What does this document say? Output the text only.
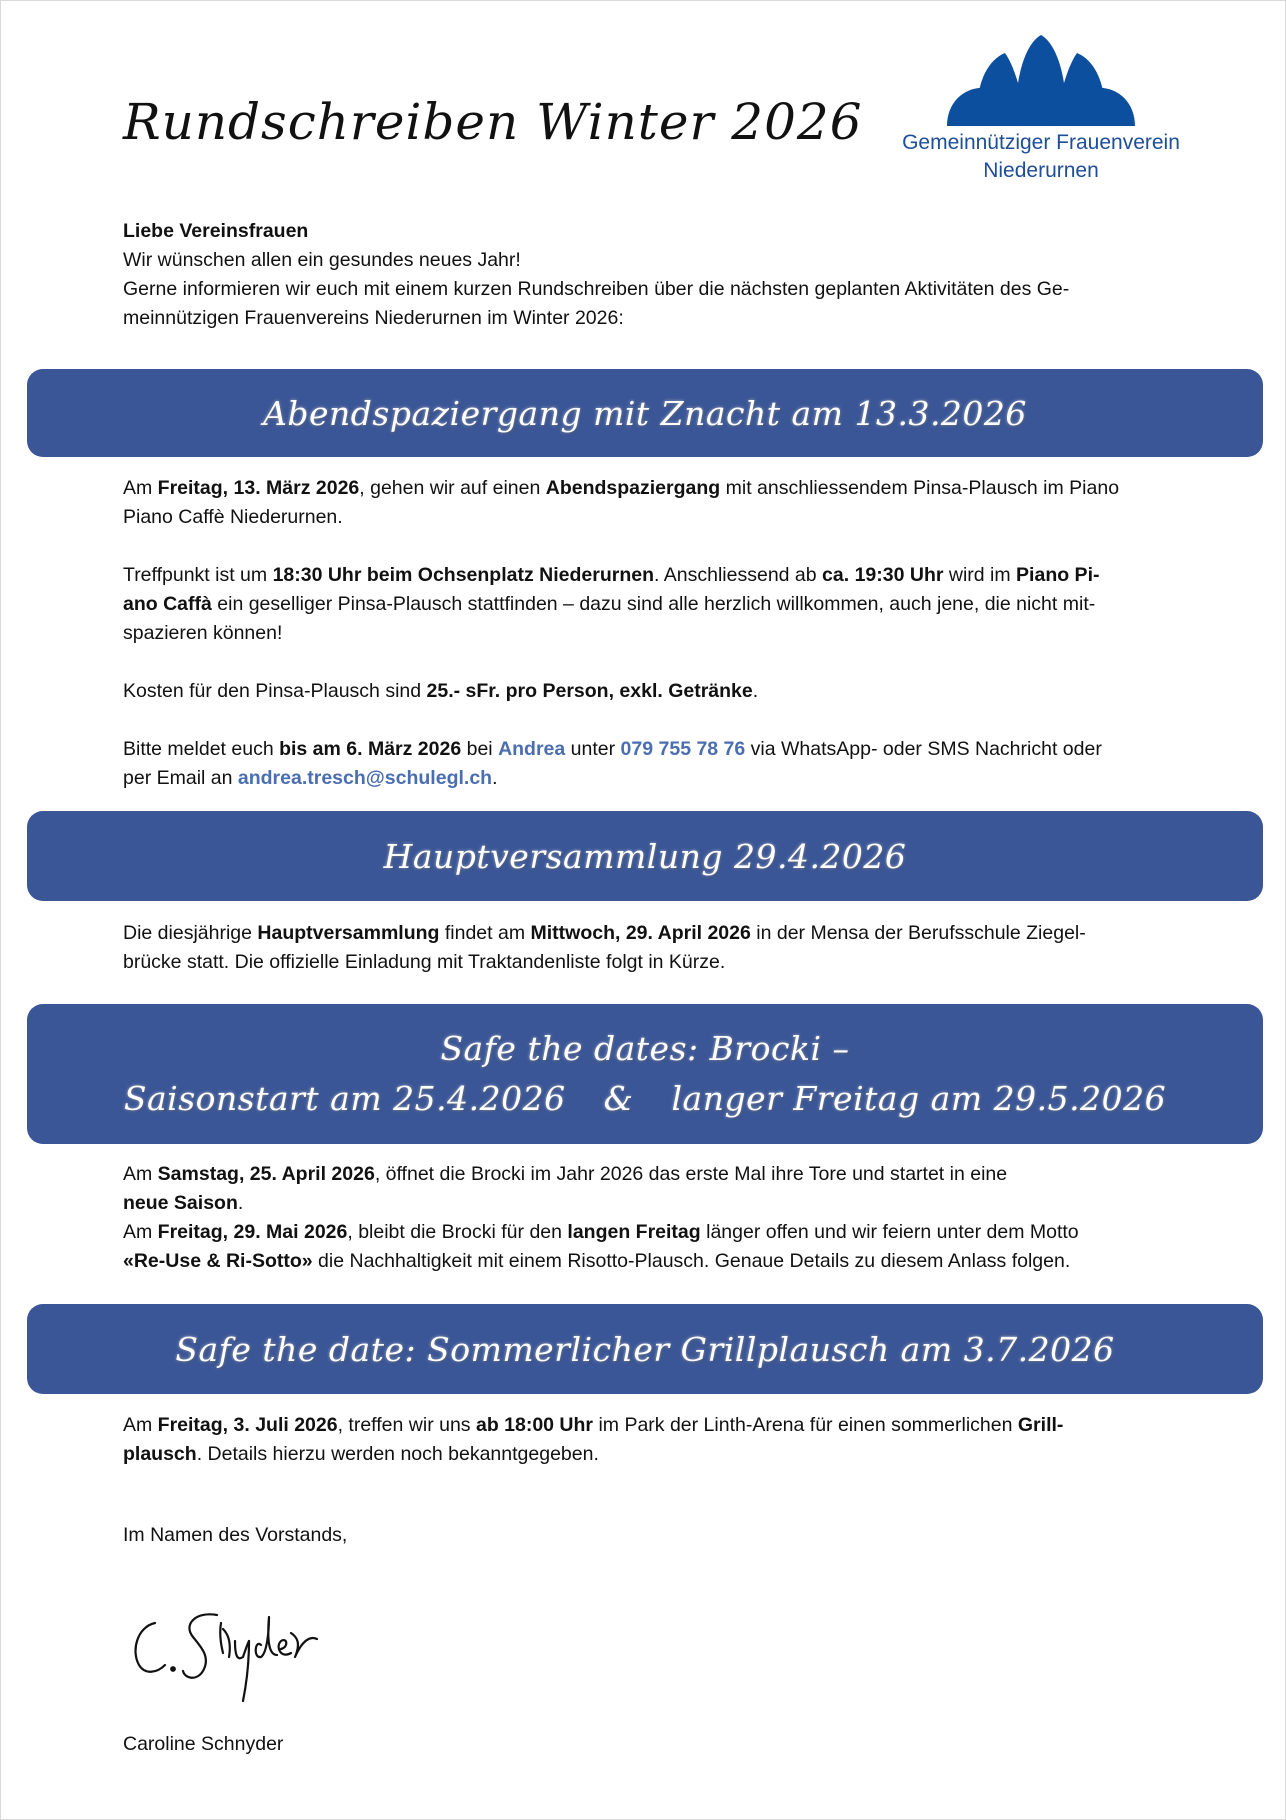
Rundschreiben Winter 2026	Gemeinnütziger Frauenverein
Niederurnen

Liebe Vereinsfrauen

Wir wünschen allen ein gesundes neues Jahr!

Gerne informieren wir euch mit einem kurzen Rundschreiben über die nächsten geplanten Aktivitäten des Ge-

meinnützigen Frauenvereins Niederurnen im Winter 2026:

Abendspaziergang mit Znacht am 13.3.2026

Am Freitag, 13. März 2026, gehen wir auf einen Abendspaziergang mit anschliessendem Pinsa-Plausch im Piano
Piano Caffè Niederurnen.

Treffpunkt ist um 18:30 Uhr beim Ochsenplatz Niederurnen. Anschliessend ab ca. 19:30 Uhr wird im Piano Pi-
ano Caffà ein geselliger Pinsa-Plausch stattfinden – dazu sind alle herzlich willkommen, auch jene, die nicht mit-
spazieren können!

Kosten für den Pinsa-Plausch sind 25.- sFr. pro Person, exkl. Getränke.

Bitte meldet euch bis am 6. März 2026 bei Andrea unter 079 755 78 76 via WhatsApp- oder SMS Nachricht oder
per Email an andrea.tresch@schulegl.ch.

Hauptversammlung 29.4.2026

Die diesjährige Hauptversammlung findet am Mittwoch, 29. April 2026 in der Mensa der Berufsschule Ziegel-
brücke statt. Die offizielle Einladung mit Traktandenliste folgt in Kürze.

Safe the dates: Brocki –
Saisonstart am 25.4.2026 & langer Freitag am 29.5.2026

Am Samstag, 25. April 2026, öffnet die Brocki im Jahr 2026 das erste Mal ihre Tore und startet in eine
neue Saison.
Am Freitag, 29. Mai 2026, bleibt die Brocki für den langen Freitag länger offen und wir feiern unter dem Motto
«Re-Use & Ri-Sotto» die Nachhaltigkeit mit einem Risotto-Plausch. Genaue Details zu diesem Anlass folgen.

Safe the date: Sommerlicher Grillplausch am 3.7.2026

Am Freitag, 3. Juli 2026, treffen wir uns ab 18:00 Uhr im Park der Linth-Arena für einen sommerlichen Grill-
plausch. Details hierzu werden noch bekanntgegeben.

Im Namen des Vorstands,

Caroline Schnyder
